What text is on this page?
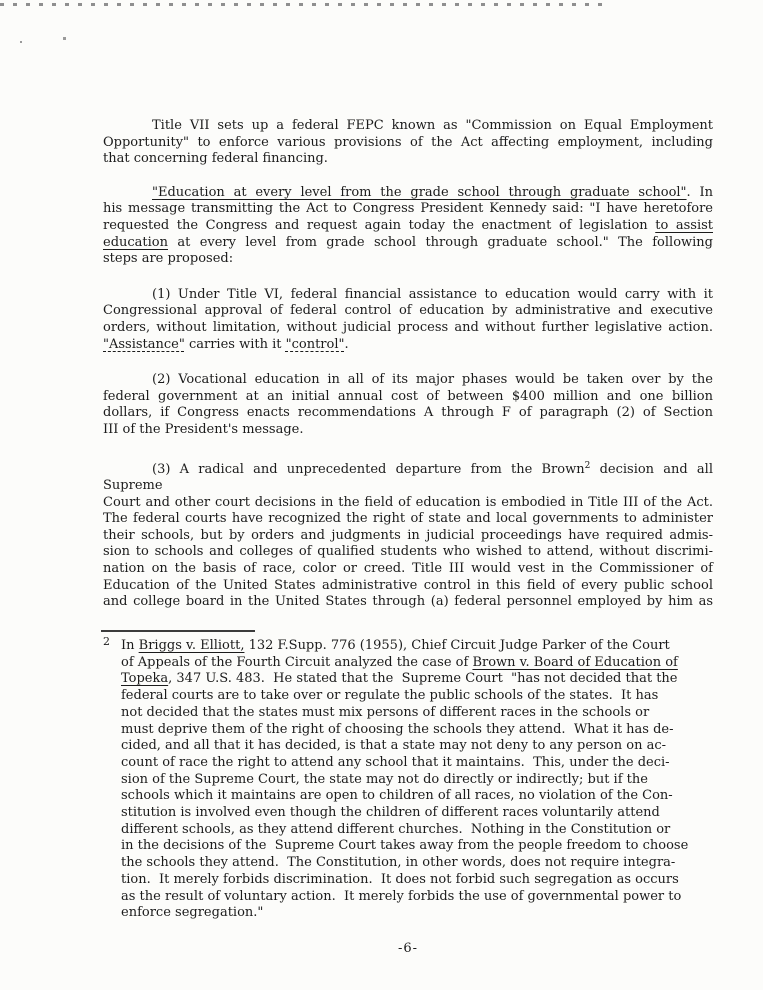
Title VII sets up a federal FEPC known as "Commission on Equal Employment
Opportunity" to enforce various provisions of the Act affecting employment, including
that concerning federal financing.
"Education at every level from the grade school through graduate school". In
his message transmitting the Act to Congress President Kennedy said: "I have heretofore
requested the Congress and request again today the enactment of legislation to assist
education at every level from grade school through graduate school." The following
steps are proposed:
(1) Under Title VI, federal financial assistance to education would carry with it
Congressional approval of federal control of education by administrative and executive
orders, without limitation, without judicial process and without further legislative action.
"Assistance" carries with it "control".
(2) Vocational education in all of its major phases would be taken over by the
federal government at an initial annual cost of between $400 million and one billion
dollars, if Congress enacts recommendations A through F of paragraph (2) of Section
III of the President's message.
(3) A radical and unprecedented departure from the Brown$^2$ decision and all Supreme
Court and other court decisions in the field of education is embodied in Title III of the Act.
The federal courts have recognized the right of state and local governments to administer
their schools, but by orders and judgments in judicial proceedings have required admis-
sion to schools and colleges of qualified students who wished to attend, without discrimi-
nation on the basis of race, color or creed. Title III would vest in the Commissioner of
Education of the United States administrative control in this field of every public school
and college board in the United States through (a) federal personnel employed by him as
2 In Briggs v. Elliott, 132 F.Supp. 776 (1955), Chief Circuit Judge Parker of the Court
of Appeals of the Fourth Circuit analyzed the case of Brown v. Board of Education of
Topeka, 347 U.S. 483.  He stated that the  Supreme Court  "has not decided that the
federal courts are to take over or regulate the public schools of the states.  It has
not decided that the states must mix persons of different races in the schools or
must deprive them of the right of choosing the schools they attend.  What it has de-
cided, and all that it has decided, is that a state may not deny to any person on ac-
count of race the right to attend any school that it maintains.  This, under the deci-
sion of the Supreme Court, the state may not do directly or indirectly; but if the
schools which it maintains are open to children of all races, no violation of the Con-
stitution is involved even though the children of different races voluntarily attend
different schools, as they attend different churches.  Nothing in the Constitution or
in the decisions of the  Supreme Court takes away from the people freedom to choose
the schools they attend.  The Constitution, in other words, does not require integra-
tion.  It merely forbids discrimination.  It does not forbid such segregation as occurs
as the result of voluntary action.  It merely forbids the use of governmental power to
enforce segregation."
-6-
